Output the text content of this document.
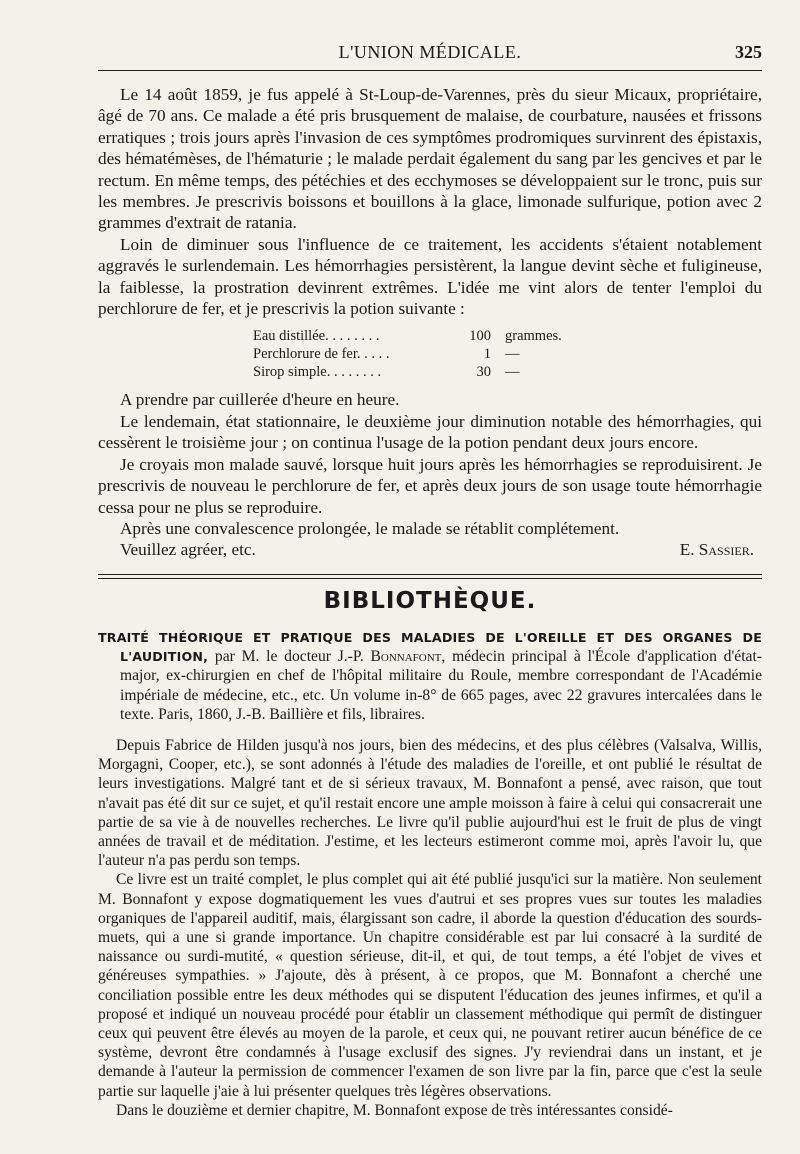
L'UNION MÉDICALE.	325

Le 14 août 1859, je fus appelé à St-Loup-de-Varennes, près du sieur Micaux, propriétaire, âgé de 70 ans. Ce malade a été pris brusquement de malaise, de courbature, nausées et frissons erratiques ; trois jours après l'invasion de ces symptômes prodromiques survinrent des épistaxis, des hématémèses, de l'hématurie ; le malade perdait également du sang par les gencives et par le rectum. En même temps, des pétéchies et des ecchymoses se développaient sur le tronc, puis sur les membres. Je prescrivis boissons et bouillons à la glace, limonade sulfurique, potion avec 2 grammes d'extrait de ratania.

Loin de diminuer sous l'influence de ce traitement, les accidents s'étaient notablement aggravés le surlendemain. Les hémorrhagies persistèrent, la langue devint sèche et fuligineuse, la faiblesse, la prostration devinrent extrêmes. L'idée me vint alors de tenter l'emploi du perchlorure de fer, et je prescrivis la potion suivante :

Eau distillée. . . . . . . .	100 grammes.
Perchlorure de fer. . . . .	1 —
Sirop simple. . . . . . . .	30 —

A prendre par cuillerée d'heure en heure.

Le lendemain, état stationnaire, le deuxième jour diminution notable des hémorrhagies, qui cessèrent le troisième jour ; on continua l'usage de la potion pendant deux jours encore.

Je croyais mon malade sauvé, lorsque huit jours après les hémorrhagies se reproduisirent. Je prescrivis de nouveau le perchlorure de fer, et après deux jours de son usage toute hémorrhagie cessa pour ne plus se reproduire.

Après une convalescence prolongée, le malade se rétablit complétement.

Veuillez agréer, etc.	E. Sassier.

BIBLIOTHÈQUE.

TRAITÉ THÉORIQUE ET PRATIQUE DES MALADIES DE L'OREILLE ET DES ORGANES DE L'AUDITION, par M. le docteur J.-P. Bonnafont, médecin principal à l'École d'application d'état-major, ex-chirurgien en chef de l'hôpital militaire du Roule, membre correspondant de l'Académie impériale de médecine, etc., etc. Un volume in-8° de 665 pages, avec 22 gravures intercalées dans le texte. Paris, 1860, J.-B. Baillière et fils, libraires.

Depuis Fabrice de Hilden jusqu'à nos jours, bien des médecins, et des plus célèbres (Valsalva, Willis, Morgagni, Cooper, etc.), se sont adonnés à l'étude des maladies de l'oreille, et ont publié le résultat de leurs investigations. Malgré tant et de si sérieux travaux, M. Bonnafont a pensé, avec raison, que tout n'avait pas été dit sur ce sujet, et qu'il restait encore une ample moisson à faire à celui qui consacrerait une partie de sa vie à de nouvelles recherches. Le livre qu'il publie aujourd'hui est le fruit de plus de vingt années de travail et de méditation. J'estime, et les lecteurs estimeront comme moi, après l'avoir lu, que l'auteur n'a pas perdu son temps.

Ce livre est un traité complet, le plus complet qui ait été publié jusqu'ici sur la matière. Non seulement M. Bonnafont y expose dogmatiquement les vues d'autrui et ses propres vues sur toutes les maladies organiques de l'appareil auditif, mais, élargissant son cadre, il aborde la question d'éducation des sourds-muets, qui a une si grande importance. Un chapitre considérable est par lui consacré à la surdité de naissance ou surdi-mutité, « question sérieuse, dit-il, et qui, de tout temps, a été l'objet de vives et généreuses sympathies. » J'ajoute, dès à présent, à ce propos, que M. Bonnafont a cherché une conciliation possible entre les deux méthodes qui se disputent l'éducation des jeunes infirmes, et qu'il a proposé et indiqué un nouveau procédé pour établir un classement méthodique qui permît de distinguer ceux qui peuvent être élevés au moyen de la parole, et ceux qui, ne pouvant retirer aucun bénéfice de ce système, devront être condamnés à l'usage exclusif des signes. J'y reviendrai dans un instant, et je demande à l'auteur la permission de commencer l'examen de son livre par la fin, parce que c'est la seule partie sur laquelle j'aie à lui présenter quelques très légères observations.

Dans le douzième et dernier chapitre, M. Bonnafont expose de très intéressantes considé-
